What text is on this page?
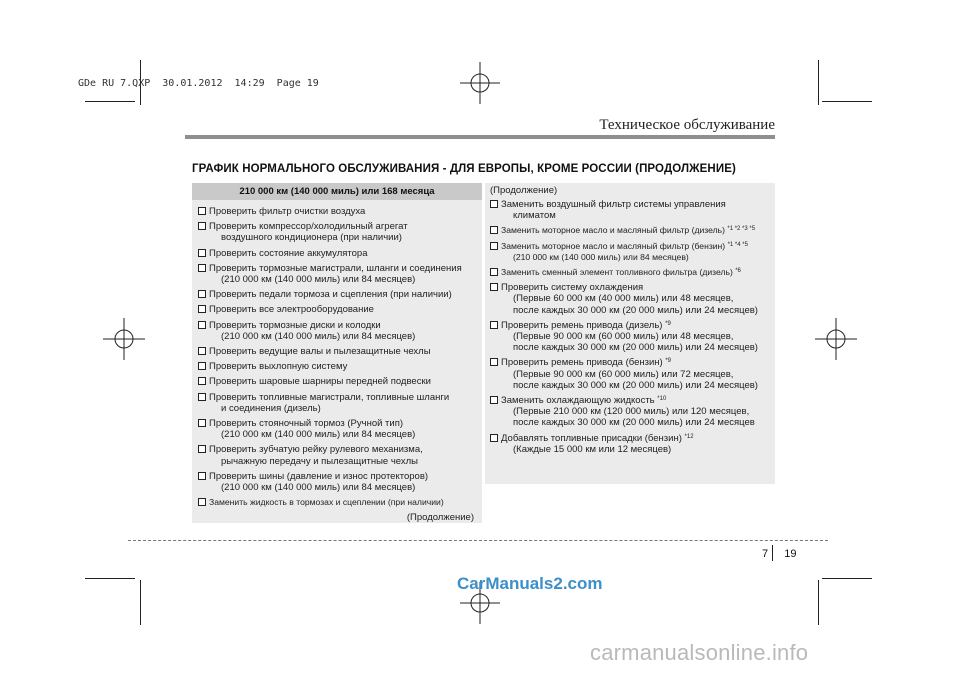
GDe RU 7.QXP  30.01.2012  14:29  Page 19
Техническое обслуживание
ГРАФИК НОРМАЛЬНОГО ОБСЛУЖИВАНИЯ - ДЛЯ ЕВРОПЫ, КРОМЕ РОССИИ (ПРОДОЛЖЕНИЕ)
210 000 км (140 000 миль) или 168 месяца
Проверить фильтр очистки воздуха
Проверить компрессор/холодильный агрегат
воздушного кондиционера (при наличии)
Проверить состояние аккумулятора
Проверить тормозные магистрали, шланги и соединения
(210 000 км (140 000 миль) или 84 месяцев)
Проверить педали тормоза и сцепления (при наличии)
Проверить все электрооборудование
Проверить тормозные диски и колодки
(210 000 км (140 000 миль) или 84 месяцев)
Проверить ведущие валы и пылезащитные чехлы
Проверить выхлопную систему
Проверить шаровые шарниры передней подвески
Проверить топливные магистрали, топливные шланги
и соединения (дизель)
Проверить стояночный тормоз (Ручной тип)
(210 000 км (140 000 миль) или 84 месяцев)
Проверить зубчатую рейку рулевого механизма,
рычажную передачу и пылезащитные чехлы
Проверить шины (давление и износ протекторов)
(210 000 км (140 000 миль) или 84 месяцев)
Заменить жидкость в тормозах и сцеплении (при наличии)
(Продолжение)
(Продолжение)
Заменить воздушный фильтр системы управления
климатом
Заменить моторное масло и масляный фильтр (дизель) $^{*1 *2 *3 *5}$
Заменить моторное масло и масляный фильтр (бензин) $^{*1 *4 *5}$
(210 000 км (140 000 миль) или 84 месяцев)
Заменить сменный элемент топливного фильтра (дизель) $^{*6}$
Проверить систему охлаждения
(Первые 60 000 км (40 000 миль) или 48 месяцев,
после каждых 30 000 км (20 000 миль) или 24 месяцев)
Проверить ремень привода (дизель) $^{*9}$
(Первые 90 000 км (60 000 миль) или 48 месяцев,
после каждых 30 000 км (20 000 миль) или 24 месяцев)
Проверить ремень привода (бензин) $^{*9}$
(Первые 90 000 км (60 000 миль) или 72 месяцев,
после каждых 30 000 км (20 000 миль) или 24 месяцев)
Заменить охлаждающую жидкость $^{*10}$
(Первые 210 000 км (120 000 миль) или 120 месяцев,
после каждых 30 000 км (20 000 миль) или 24 месяцев
Добавлять топливные присадки (бензин) $^{*12}$
(Каждые 15 000 км или 12 месяцев)
7 19
CarManuals2.com
carmanualsonline.info
